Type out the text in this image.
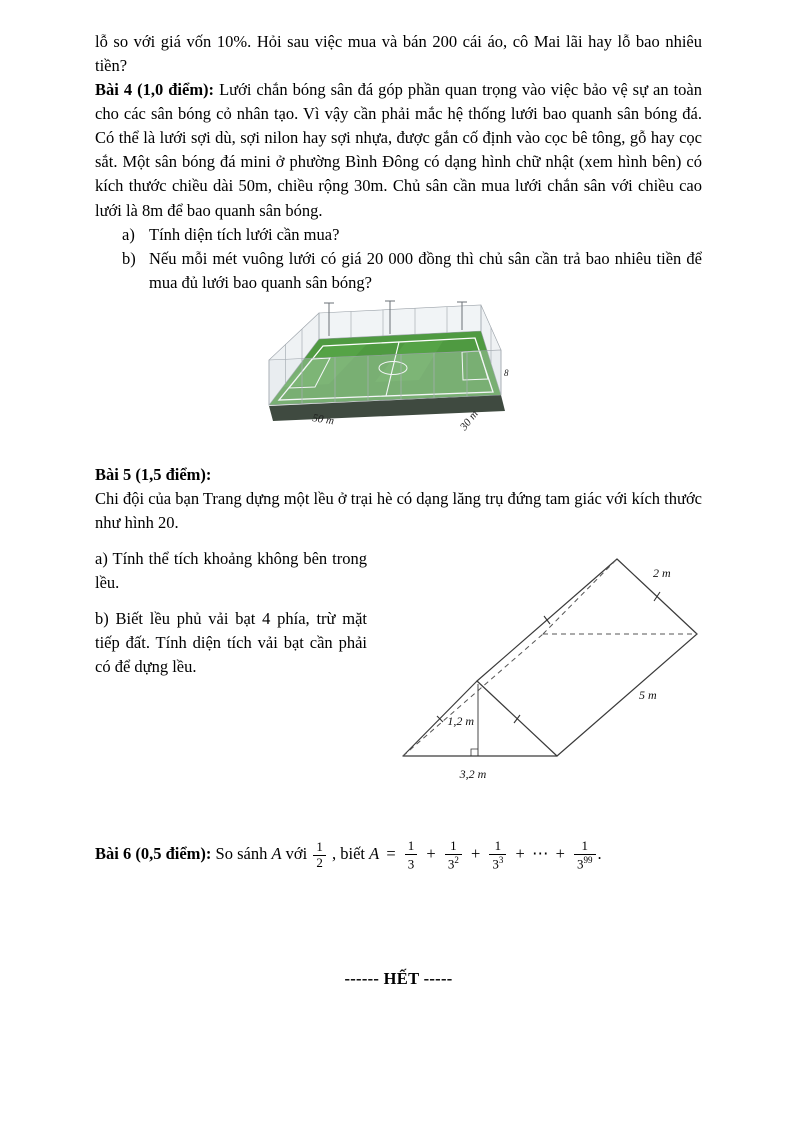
lỗ so với giá vốn 10%. Hỏi sau việc mua và bán 200 cái áo, cô Mai lãi hay lỗ bao nhiêu tiền?

Bài 4 (1,0 điểm): Lưới chắn bóng sân đá góp phần quan trọng vào việc bảo vệ sự an toàn cho các sân bóng cỏ nhân tạo. Vì vậy cần phải mắc hệ thống lưới bao quanh sân bóng đá. Có thể là lưới sợi dù, sợi nilon hay sợi nhựa, được gắn cố định vào cọc bê tông, gỗ hay cọc sắt. Một sân bóng đá mini ở phường Bình Đông có dạng hình chữ nhật (xem hình bên) có kích thước chiều dài 50m, chiều rộng 30m. Chủ sân cần mua lưới chắn sân với chiều cao lưới là 8m để bao quanh sân bóng.

a) Tính diện tích lưới cần mua?
b) Nếu mỗi mét vuông lưới có giá 20 000 đồng thì chủ sân cần trả bao nhiêu tiền để mua đủ lưới bao quanh sân bóng?
50 m	30 m
8

Bài 5 (1,5 điểm):

Chi đội của bạn Trang dựng một lều ở trại hè có dạng lăng trụ đứng tam giác với kích thước như hình 20.

a) Tính thể tích khoảng không bên trong lều.

b) Biết lều phủ vải bạt 4 phía, trừ mặt tiếp đất. Tính diện tích vải bạt cần phải có để dựng lều.

2 m
5 m
1,2 m
3,2 m

Bài 6 (0,5 điểm): So sánh A với $\frac{1}{2}$ , biết $A = \frac{1}{3} + \frac{1}{3^2} + \frac{1}{3^3}$ + ⋯ + $\frac{1}{3^{99}}$ .

------ HẾT -----
